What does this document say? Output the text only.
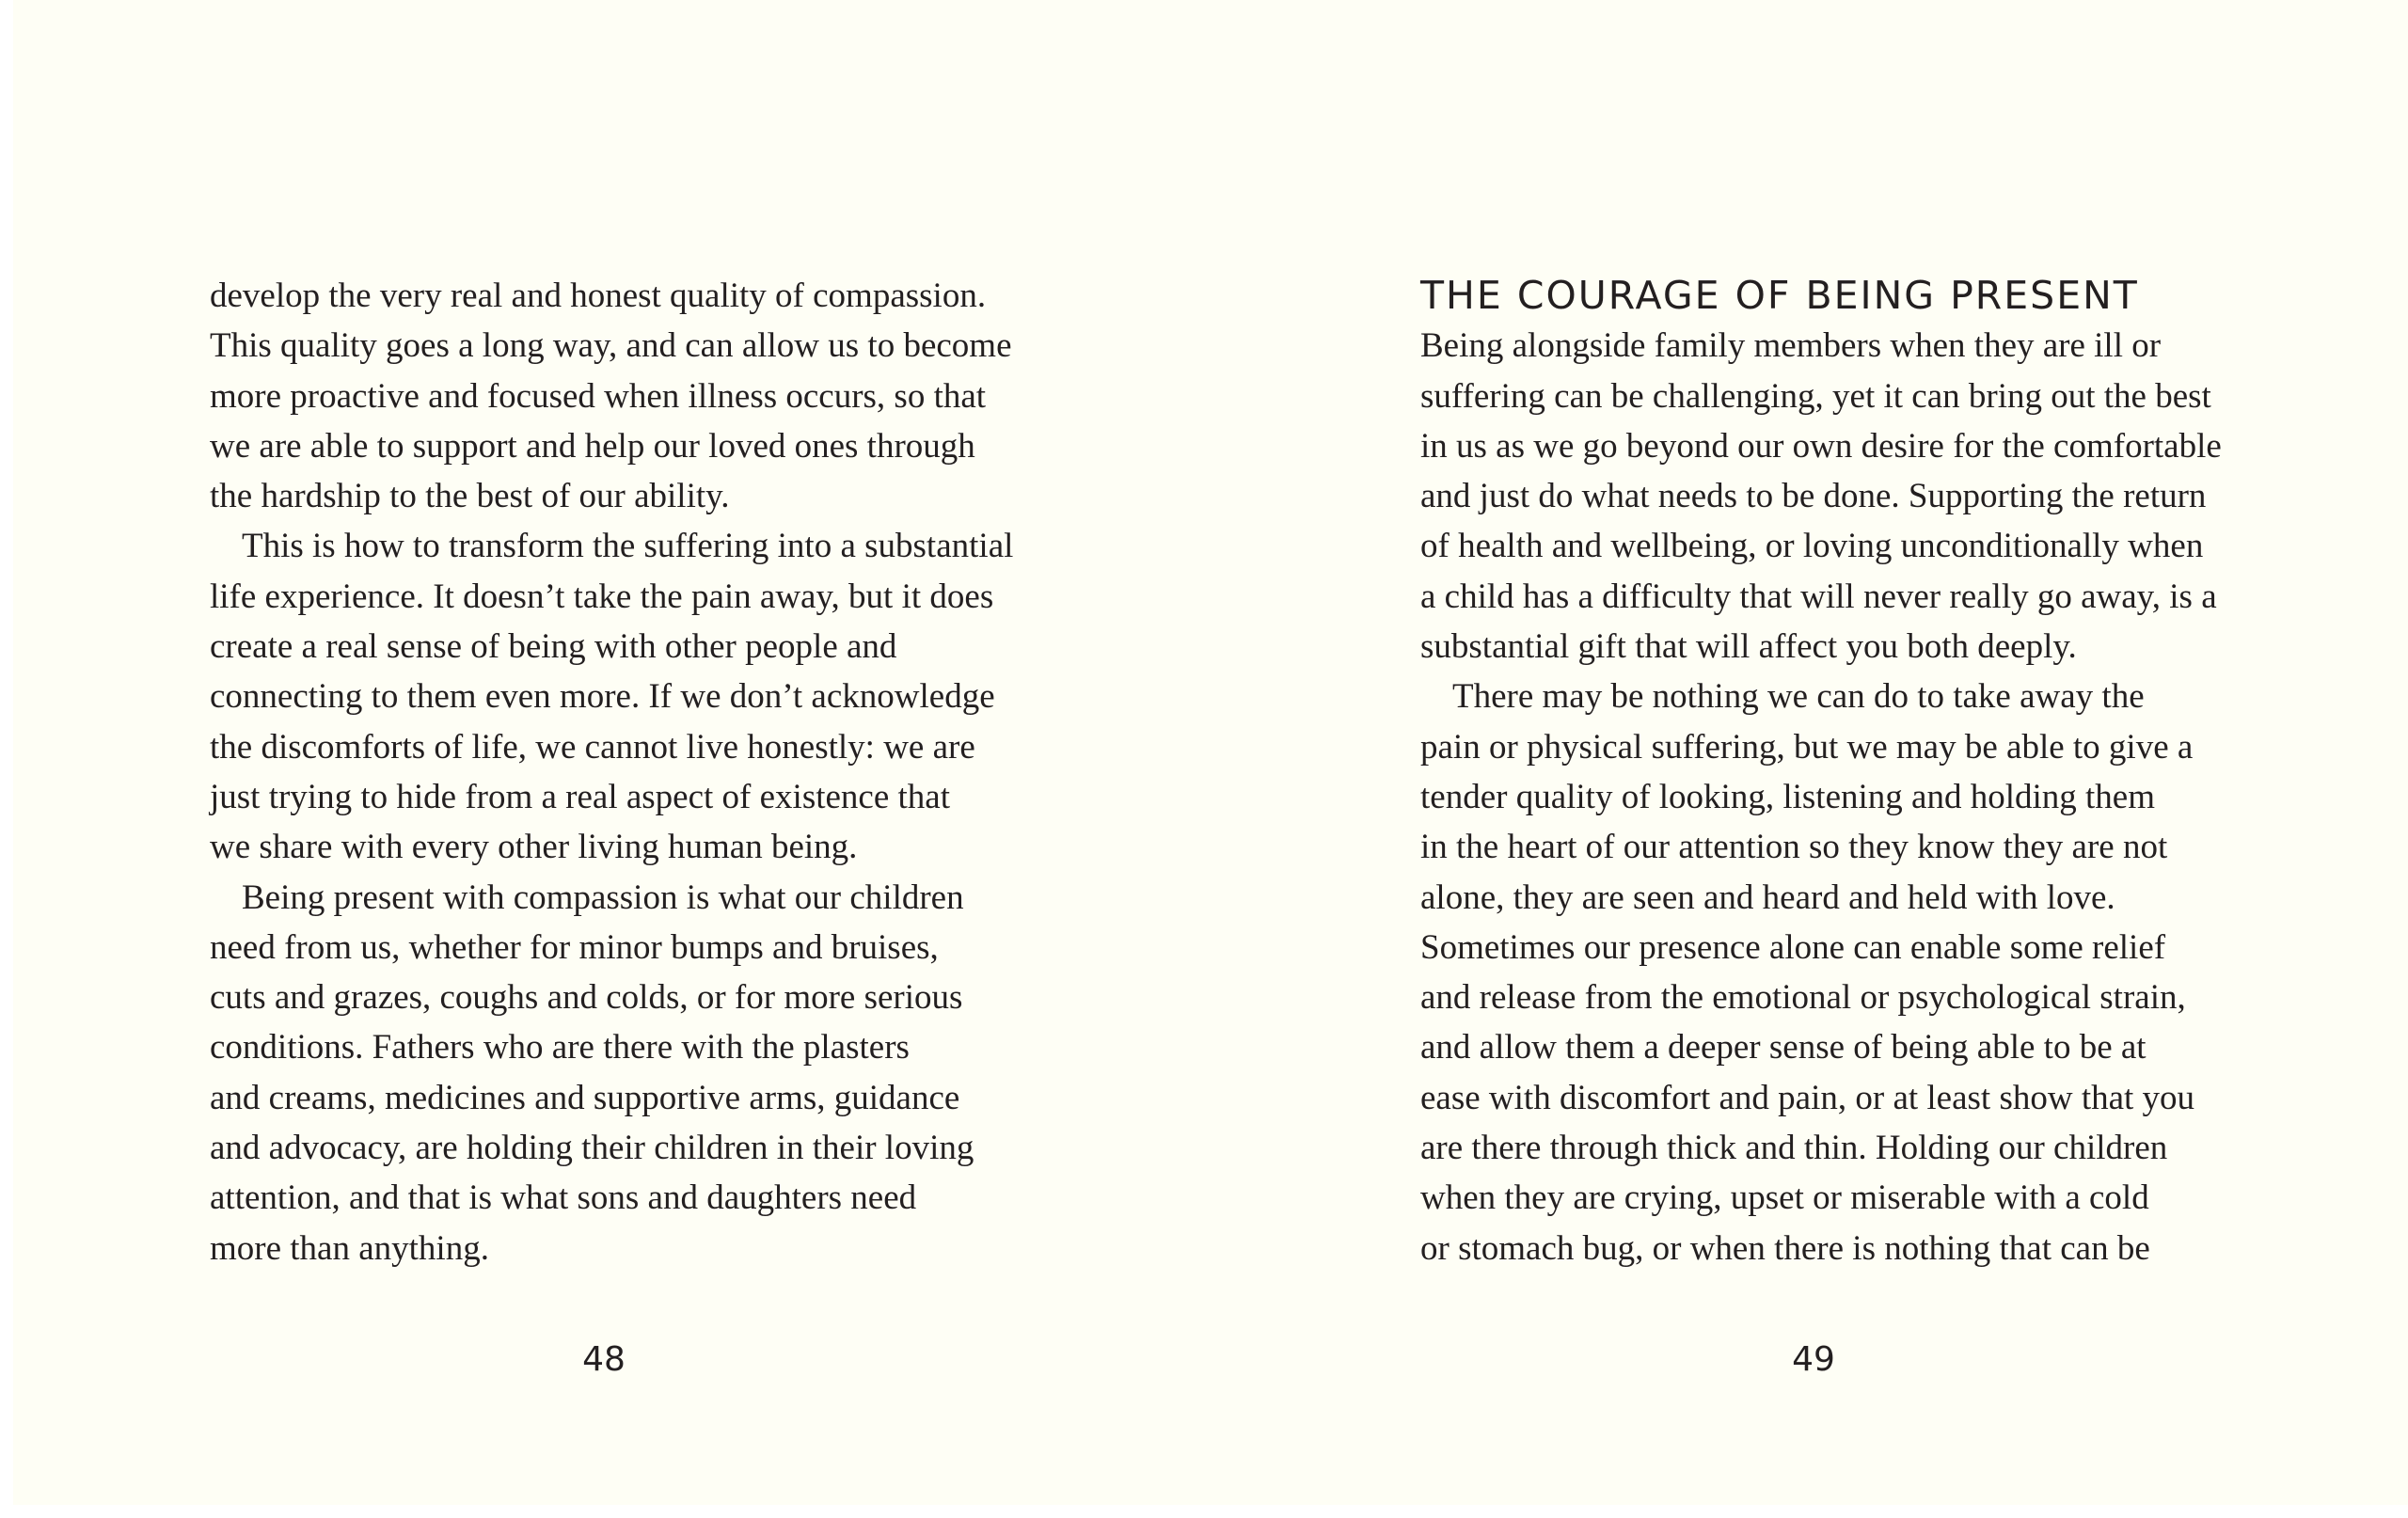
develop the very real and honest quality of compassion.
This quality goes a long way, and can allow us to become
more proactive and focused when illness occurs, so that
we are able to support and help our loved ones through
the hardship to the best of our ability.
This is how to transform the suffering into a substantial
life experience. It doesn’t take the pain away, but it does
create a real sense of being with other people and
connecting to them even more. If we don’t acknowledge
the discomforts of life, we cannot live honestly: we are
just trying to hide from a real aspect of existence that
we share with every other living human being.
Being present with compassion is what our children
need from us, whether for minor bumps and bruises,
cuts and grazes, coughs and colds, or for more serious
conditions. Fathers who are there with the plasters
and creams, medicines and supportive arms, guidance
and advocacy, are holding their children in their loving
attention, and that is what sons and daughters need
more than anything.
48
THE COURAGE OF BEING PRESENT
Being alongside family members when they are ill or
suffering can be challenging, yet it can bring out the best
in us as we go beyond our own desire for the comfortable
and just do what needs to be done. Supporting the return
of health and wellbeing, or loving unconditionally when
a child has a difficulty that will never really go away, is a
substantial gift that will affect you both deeply.
There may be nothing we can do to take away the
pain or physical suffering, but we may be able to give a
tender quality of looking, listening and holding them
in the heart of our attention so they know they are not
alone, they are seen and heard and held with love.
Sometimes our presence alone can enable some relief
and release from the emotional or psychological strain,
and allow them a deeper sense of being able to be at
ease with discomfort and pain, or at least show that you
are there through thick and thin. Holding our children
when they are crying, upset or miserable with a cold
or stomach bug, or when there is nothing that can be
49
